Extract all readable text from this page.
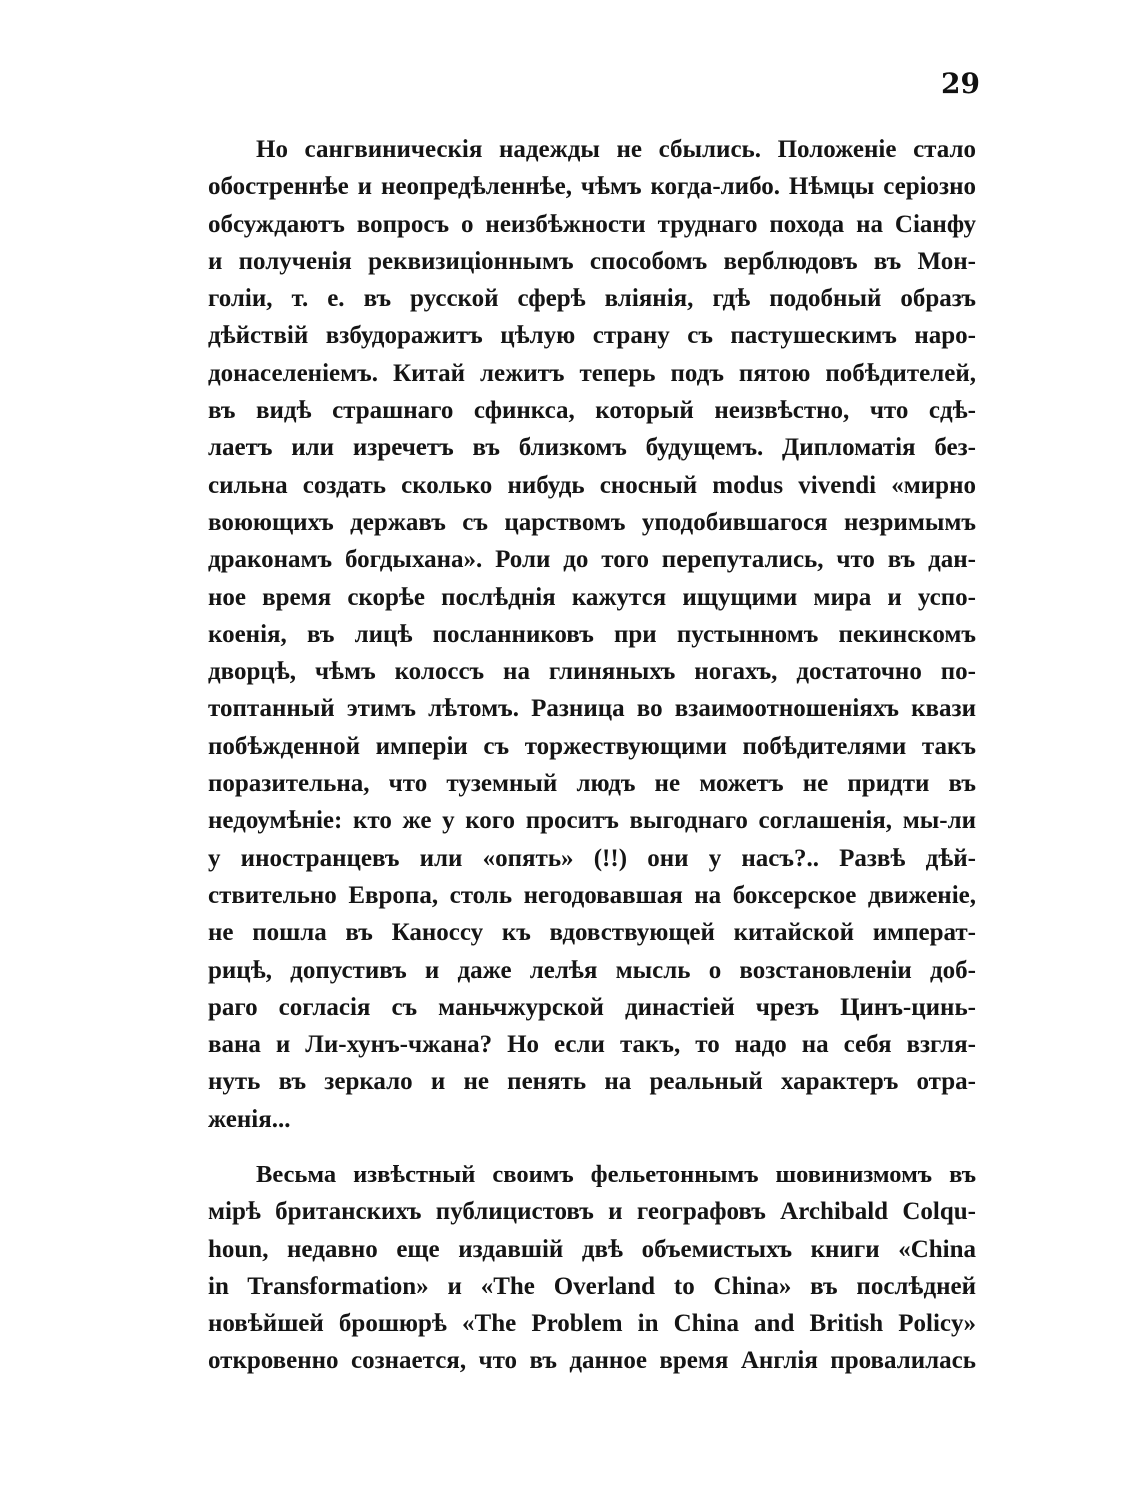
29
Но сангвиническія надежды не сбылись. Положеніе стало
обостреннѣе и неопредѣленнѣе, чѣмъ когда-либо. Нѣмцы серіозно
обсуждаютъ вопросъ о неизбѣжности труднаго похода на Сіанфу
и полученія реквизиціоннымъ способомъ верблюдовъ въ Мон-
голіи, т. е. въ русской сферѣ вліянія, гдѣ подобный образъ
дѣйствій взбудоражитъ цѣлую страну съ пастушескимъ наро-
донаселеніемъ. Китай лежитъ теперь подъ пятою побѣдителей,
въ видѣ страшнаго сфинкса, который неизвѣстно, что сдѣ-
лаетъ или изречетъ въ близкомъ будущемъ. Дипломатія без-
сильна создать сколько нибудь сносный modus vivendi «мирно
воюющихъ державъ съ царствомъ уподобившагося незримымъ
драконамъ богдыхана». Роли до того перепутались, что въ дан-
ное время скорѣе послѣднія кажутся ищущими мира и успо-
коенія, въ лицѣ посланниковъ при пустынномъ пекинскомъ
дворцѣ, чѣмъ колоссъ на глиняныхъ ногахъ, достаточно по-
топтанный этимъ лѣтомъ. Разница во взаимоотношеніяхъ квази
побѣжденной имперіи съ торжествующими побѣдителями такъ
поразительна, что туземный людъ не можетъ не придти въ
недоумѣніе: кто же у кого проситъ выгоднаго соглашенія, мы-ли
у иностранцевъ или «опять» (!!) они у насъ?.. Развѣ дѣй-
ствительно Европа, столь негодовавшая на боксерское движеніе,
не пошла въ Каноссу къ вдовствующей китайской императ-
рицѣ, допустивъ и даже лелѣя мысль о возстановленіи доб-
раго согласія съ маньчжурской династіей чрезъ Цинъ-цинь-
вана и Ли-хунъ-чжана? Но если такъ, то надо на себя взгля-
нуть въ зеркало и не пенять на реальный характеръ отра-
женія...
Весьма извѣстный своимъ фельетоннымъ шовинизмомъ въ
мірѣ британскихъ публицистовъ и географовъ Archibald Colqu-
houn, недавно еще издавшій двѣ объемистыхъ книги «China
in Transformation» и «The Overland to China» въ послѣдней
новѣйшей брошюрѣ «The Problem in China and British Policy»
откровенно сознается, что въ данное время Англія провалилась
